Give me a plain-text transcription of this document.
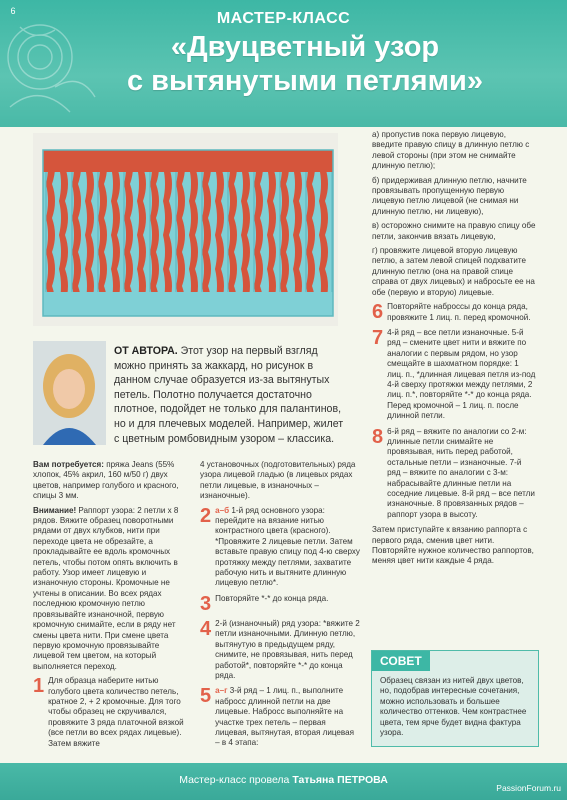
6	МАСТЕР-КЛАСС
«Двуцветный узор
с вытянутыми петлями»
ОТ АВТОРА. Этот узор на первый взгляд можно принять за жаккард, но рисунок в данном случае образуется из-за вытянутых петель. Полотно получается достаточно плотное, подойдет не только для палантинов, но и для плечевых моделей. Например, жилет с цветным ромбовидным узором – классика.

Вам потребуется: пряжа Jeans (55% хлопок, 45% акрил, 160 м/50 г) двух цветов, например голубого и красного, спицы 3 мм.

Внимание! Раппорт узора: 2 петли х 8 рядов. Вяжите образец поворотными рядами от двух клубков, нити при переходе цвета не обрезайте, а прокладывайте ее вдоль кромочных петель, чтобы потом опять включить в работу. Узор имеет лицевую и изнаночную стороны. Кромочные не учтены в описании. Во всех рядах последнюю кромочную петлю провязывайте изнаночной, первую кромочную снимайте, если в ряду нет смены цвета нити. При смене цвета первую кромочную провязывайте лицевой тем цветом, на который выполняется переход.

1 Для образца наберите нитью голубого цвета количество петель, кратное 2, + 2 кромочные. Для того чтобы образец не скручивался, провяжите 3 ряда платочной вязкой (все петли во всех рядах лицевые). Затем вяжите

4 установочных (подготовительных) ряда узора лицевой гладью (в лицевых рядах петли лицевые, в изнаночных – изнаночные).

2 а–б 1-й ряд основного узора: перейдите на вязание нитью контрастного цвета (красного). *Провяжите 2 лицевые петли. Затем вставьте правую спицу под 4-ю сверху протяжку между петлями, захватите рабочую нить и вытяните длинную лицевую петлю*.
3 Повторяйте *-* до конца ряда.
4 2-й (изнаночный) ряд узора: *вяжите 2 петли изнаночными. Длинную петлю, вытянутую в предыдущем ряду, снимите, не провязывая, нить перед работой*, повторяйте *-* до конца ряда.
5 а–г 3-й ряд – 1 лиц. п., выполните набросс длинной петли на две лицевые. Набросс выполняйте на участке трех петель – первая лицевая, вытянутая, вторая лицевая – в 4 этапа:

а) пропустив пока первую лицевую, введите правую спицу в длинную петлю с левой стороны (при этом не снимайте длинную петлю);

б) придерживая длинную петлю, начните провязывать пропущенную первую лицевую петлю лицевой (не снимая ни длинную петлю, ни лицевую),

в) осторожно снимите на правую спицу обе петли, закончив вязать лицевую,

г) провяжите лицевой вторую лицевую петлю, а затем левой спицей подхватите длинную петлю (она на правой спице справа от двух лицевых) и набросьте ее на обе (первую и вторую) лицевые.

6 Повторяйте наброссы до конца ряда, провяжите 1 лиц. п. перед кромочной.
7 4-й ряд – все петли изнаночные. 5-й ряд – смените цвет нити и вяжите по аналогии с первым рядом, но узор смещайте в шахматном порядке: 1 лиц. п., *длинная лицевая петля из-под 4-й сверху протяжки между петлями, 2 лиц. п.*, повторяйте *-* до конца ряда. Перед кромочной – 1 лиц. п. после длинной петли.
8 6-й ряд – вяжите по аналогии со 2-м: длинные петли снимайте не провязывая, нить перед работой, остальные петли – изнаночные. 7-й ряд – вяжите по аналогии с 3-м: набрасывайте длинные петли на соседние лицевые. 8-й ряд – все петли изнаночные. 8 провязанных рядов – раппорт узора в высоту.

Затем приступайте к вязанию раппорта с первого ряда, сменив цвет нити. Повторяйте нужное количество раппортов, меняя цвет нити каждые 4 ряда.

СОВЕТ
Образец связан из нитей двух цветов, но, подобрав интересные сочетания, можно использовать и большее количество оттенков. Чем контрастнее цвета, тем ярче будет видна фактура узора.
Мастер-класс провела Татьяна ПЕТРОВА
PassionForum.ru
